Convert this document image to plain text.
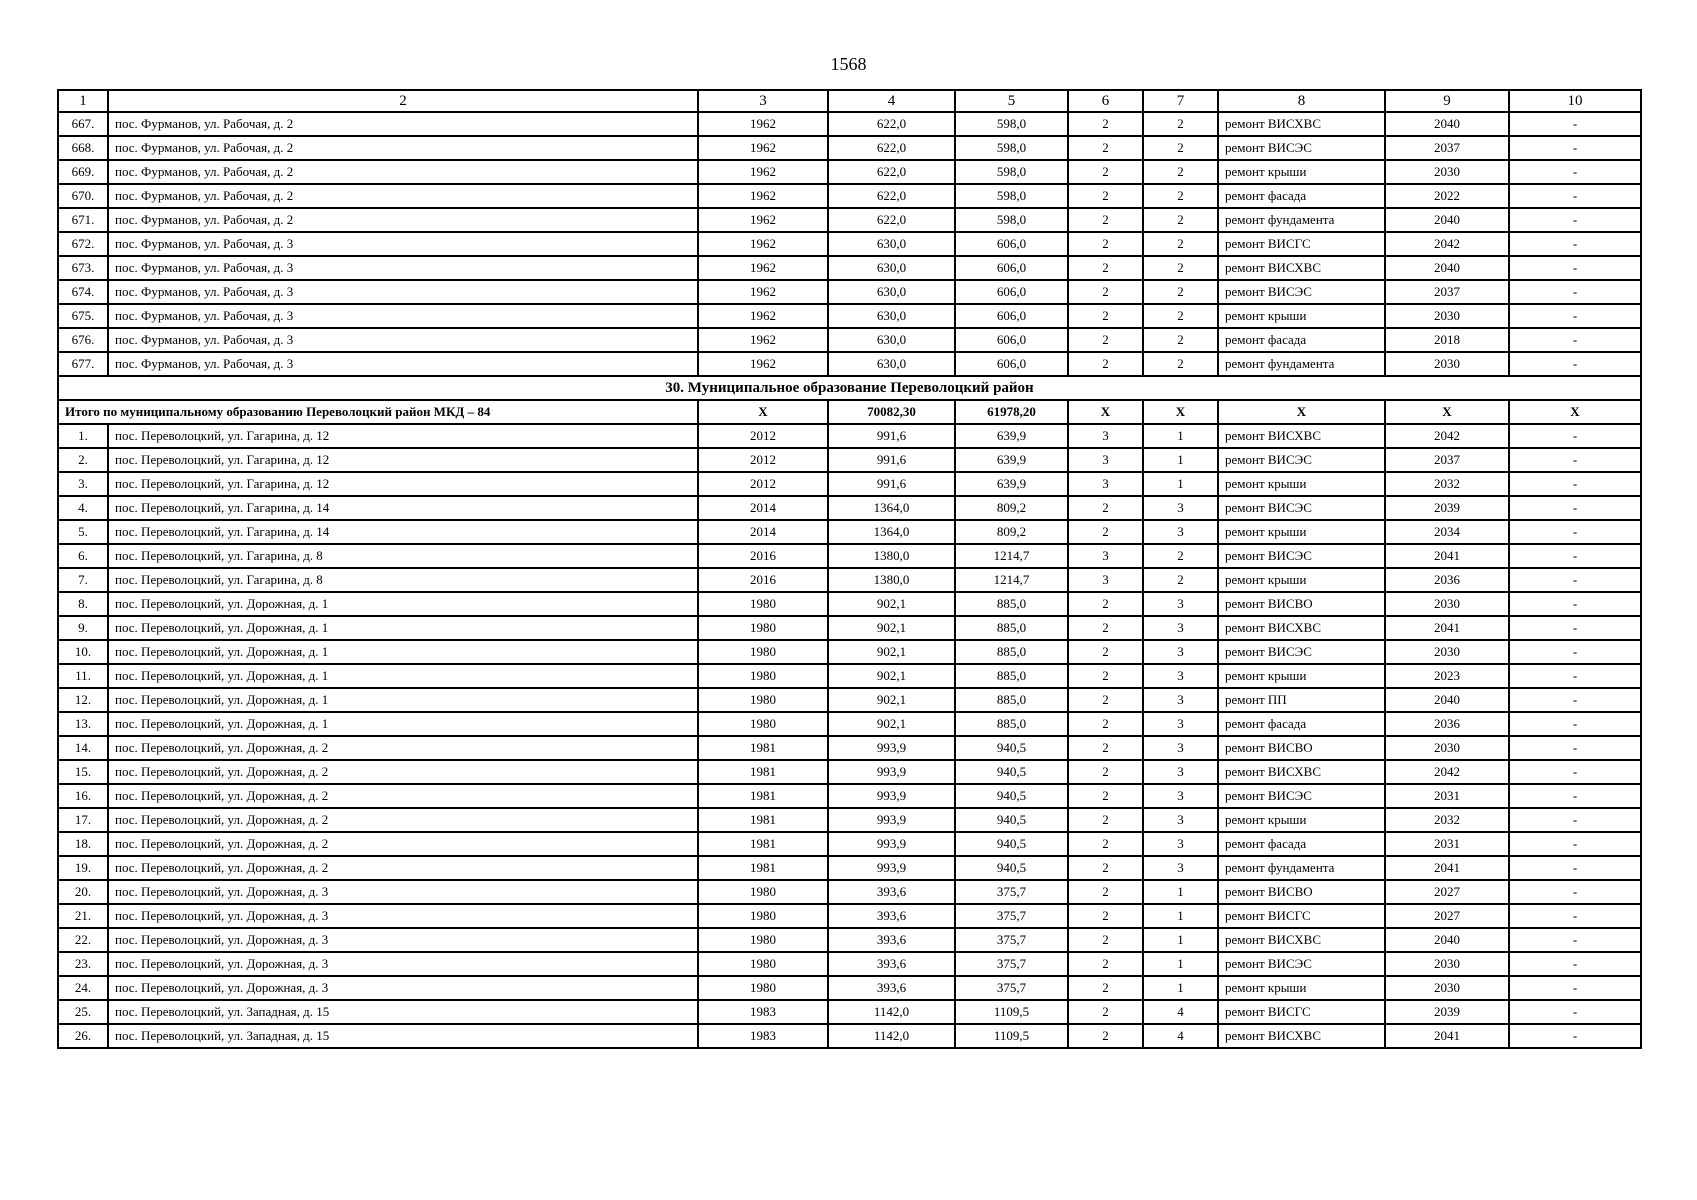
1568
1	2	3	4	5	6	7	8	9	10
667.	пос. Фурманов, ул. Рабочая, д. 2	1962	622,0	598,0	2	2	ремонт ВИСХВС	2040	-
668.	пос. Фурманов, ул. Рабочая, д. 2	1962	622,0	598,0	2	2	ремонт ВИСЭС	2037	-
669.	пос. Фурманов, ул. Рабочая, д. 2	1962	622,0	598,0	2	2	ремонт крыши	2030	-
670.	пос. Фурманов, ул. Рабочая, д. 2	1962	622,0	598,0	2	2	ремонт фасада	2022	-
671.	пос. Фурманов, ул. Рабочая, д. 2	1962	622,0	598,0	2	2	ремонт фундамента	2040	-
672.	пос. Фурманов, ул. Рабочая, д. 3	1962	630,0	606,0	2	2	ремонт ВИСГС	2042	-
673.	пос. Фурманов, ул. Рабочая, д. 3	1962	630,0	606,0	2	2	ремонт ВИСХВС	2040	-
674.	пос. Фурманов, ул. Рабочая, д. 3	1962	630,0	606,0	2	2	ремонт ВИСЭС	2037	-
675.	пос. Фурманов, ул. Рабочая, д. 3	1962	630,0	606,0	2	2	ремонт крыши	2030	-
676.	пос. Фурманов, ул. Рабочая, д. 3	1962	630,0	606,0	2	2	ремонт фасада	2018	-
677.	пос. Фурманов, ул. Рабочая, д. 3	1962	630,0	606,0	2	2	ремонт фундамента	2030	-
30. Муниципальное образование Переволоцкий район									
Итого по муниципальному образованию Переволоцкий район МКД – 84		Х	70082,30	61978,20	Х	Х	Х	Х	Х
1.	пос. Переволоцкий, ул. Гагарина, д. 12	2012	991,6	639,9	3	1	ремонт ВИСХВС	2042	-
2.	пос. Переволоцкий, ул. Гагарина, д. 12	2012	991,6	639,9	3	1	ремонт ВИСЭС	2037	-
3.	пос. Переволоцкий, ул. Гагарина, д. 12	2012	991,6	639,9	3	1	ремонт крыши	2032	-
4.	пос. Переволоцкий, ул. Гагарина, д. 14	2014	1364,0	809,2	2	3	ремонт ВИСЭС	2039	-
5.	пос. Переволоцкий, ул. Гагарина, д. 14	2014	1364,0	809,2	2	3	ремонт крыши	2034	-
6.	пос. Переволоцкий, ул. Гагарина, д. 8	2016	1380,0	1214,7	3	2	ремонт ВИСЭС	2041	-
7.	пос. Переволоцкий, ул. Гагарина, д. 8	2016	1380,0	1214,7	3	2	ремонт крыши	2036	-
8.	пос. Переволоцкий, ул. Дорожная, д. 1	1980	902,1	885,0	2	3	ремонт ВИСВО	2030	-
9.	пос. Переволоцкий, ул. Дорожная, д. 1	1980	902,1	885,0	2	3	ремонт ВИСХВС	2041	-
10.	пос. Переволоцкий, ул. Дорожная, д. 1	1980	902,1	885,0	2	3	ремонт ВИСЭС	2030	-
11.	пос. Переволоцкий, ул. Дорожная, д. 1	1980	902,1	885,0	2	3	ремонт крыши	2023	-
12.	пос. Переволоцкий, ул. Дорожная, д. 1	1980	902,1	885,0	2	3	ремонт ПП	2040	-
13.	пос. Переволоцкий, ул. Дорожная, д. 1	1980	902,1	885,0	2	3	ремонт фасада	2036	-
14.	пос. Переволоцкий, ул. Дорожная, д. 2	1981	993,9	940,5	2	3	ремонт ВИСВО	2030	-
15.	пос. Переволоцкий, ул. Дорожная, д. 2	1981	993,9	940,5	2	3	ремонт ВИСХВС	2042	-
16.	пос. Переволоцкий, ул. Дорожная, д. 2	1981	993,9	940,5	2	3	ремонт ВИСЭС	2031	-
17.	пос. Переволоцкий, ул. Дорожная, д. 2	1981	993,9	940,5	2	3	ремонт крыши	2032	-
18.	пос. Переволоцкий, ул. Дорожная, д. 2	1981	993,9	940,5	2	3	ремонт фасада	2031	-
19.	пос. Переволоцкий, ул. Дорожная, д. 2	1981	993,9	940,5	2	3	ремонт фундамента	2041	-
20.	пос. Переволоцкий, ул. Дорожная, д. 3	1980	393,6	375,7	2	1	ремонт ВИСВО	2027	-
21.	пос. Переволоцкий, ул. Дорожная, д. 3	1980	393,6	375,7	2	1	ремонт ВИСГС	2027	-
22.	пос. Переволоцкий, ул. Дорожная, д. 3	1980	393,6	375,7	2	1	ремонт ВИСХВС	2040	-
23.	пос. Переволоцкий, ул. Дорожная, д. 3	1980	393,6	375,7	2	1	ремонт ВИСЭС	2030	-
24.	пос. Переволоцкий, ул. Дорожная, д. 3	1980	393,6	375,7	2	1	ремонт крыши	2030	-
25.	пос. Переволоцкий, ул. Западная, д. 15	1983	1142,0	1109,5	2	4	ремонт ВИСГС	2039	-
26.	пос. Переволоцкий, ул. Западная, д. 15	1983	1142,0	1109,5	2	4	ремонт ВИСХВС	2041	-
